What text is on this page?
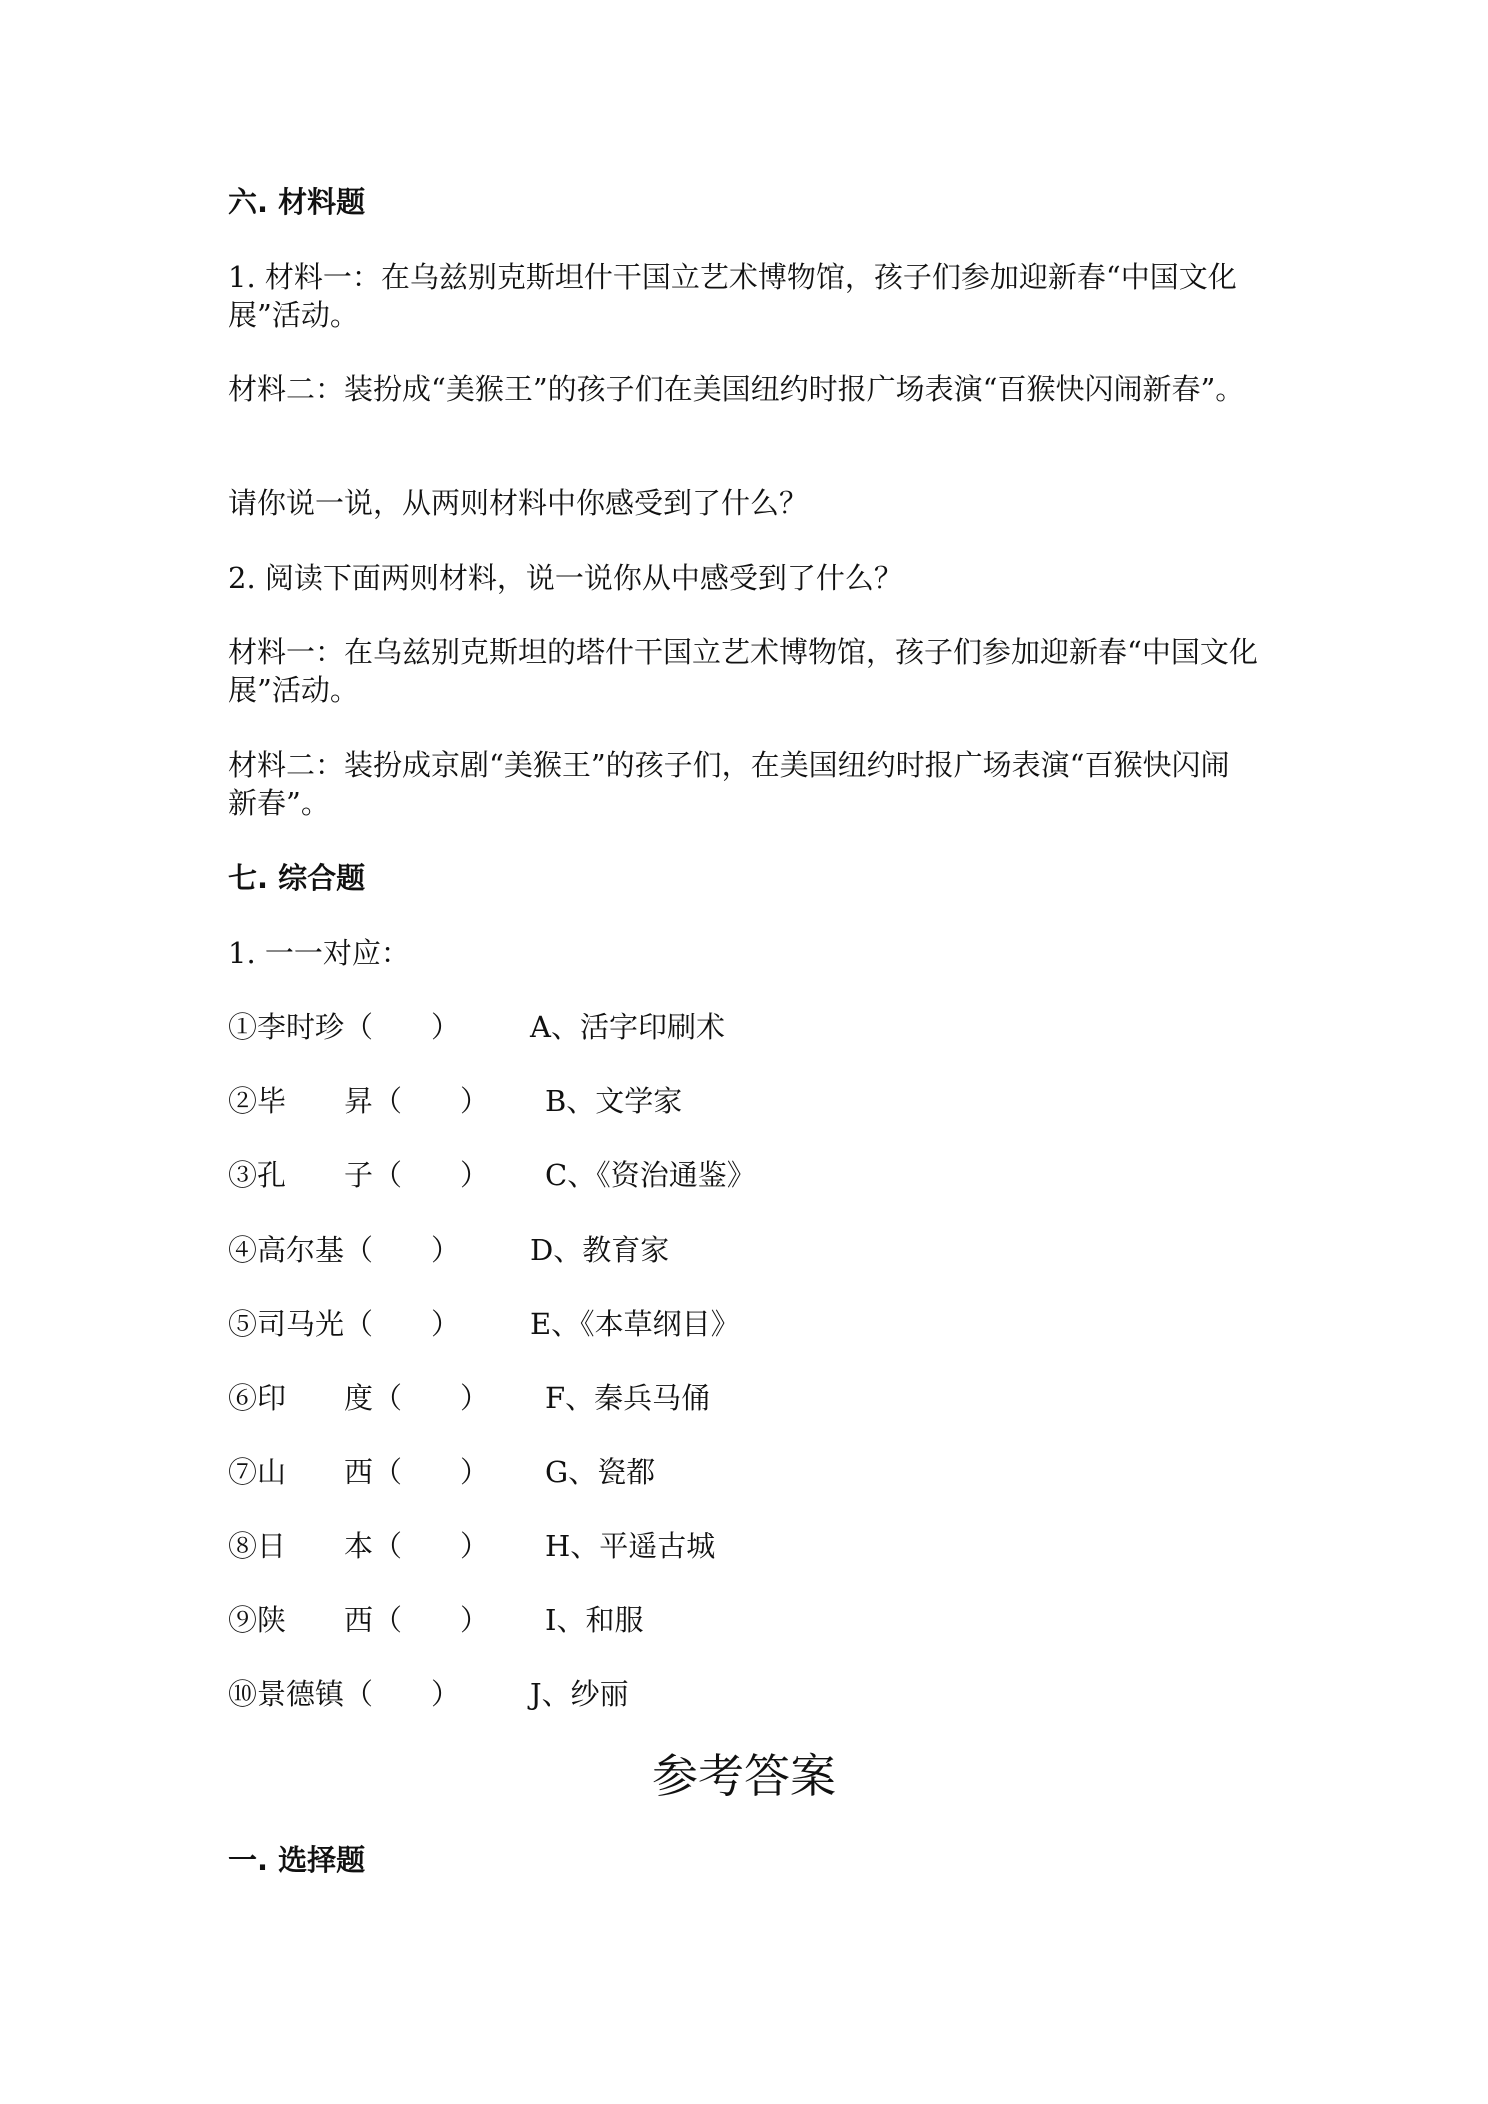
六. 材料题

1. 材料一：在乌兹别克斯坦什干国立艺术博物馆，孩子们参加迎新春“中国文化展”活动。

材料二：装扮成“美猴王”的孩子们在美国纽约时报广场表演“百猴快闪闹新春”。

请你说一说，从两则材料中你感受到了什么？

2. 阅读下面两则材料，说一说你从中感受到了什么？

材料一：在乌兹别克斯坦的塔什干国立艺术博物馆，孩子们参加迎新春“中国文化展”活动。

材料二：装扮成京剧“美猴王”的孩子们，在美国纽约时报广场表演“百猴快闪闹新春”。

七. 综合题

1. 一一对应：

①李时珍（　　） A、活字印刷术
②毕　　昇（　　） B、文学家
③孔　　子（　　） C、《资治通鉴》
④高尔基（　　） D、教育家
⑤司马光（　　） E、《本草纲目》
⑥印　　度（　　） F、秦兵马俑
⑦山　　西（　　） G、瓷都
⑧日　　本（　　） H、平遥古城
⑨陕　　西（　　） I、和服
⑩景德镇（　　） J、纱丽
参考答案
一. 选择题
